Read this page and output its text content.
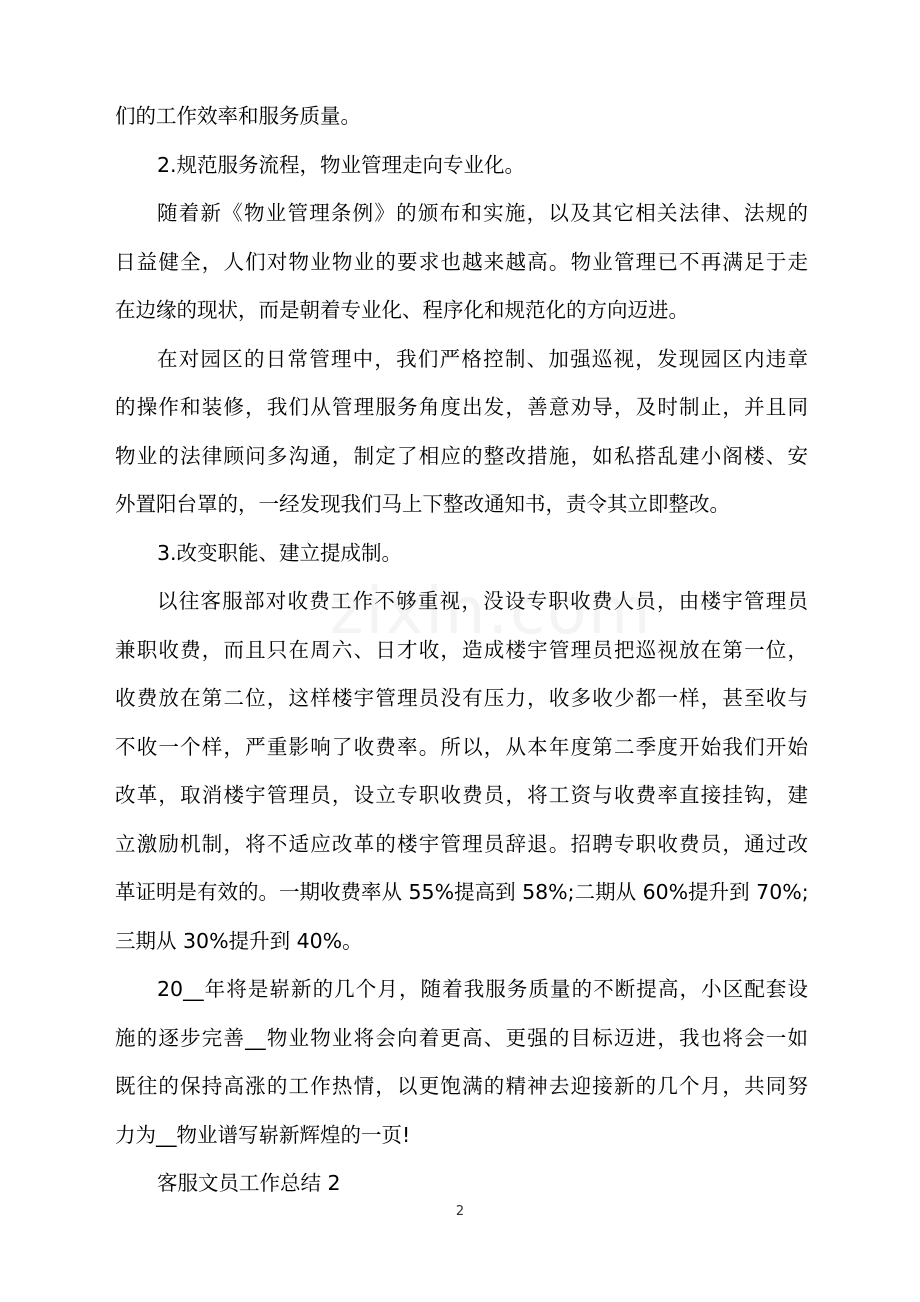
们的工作效率和服务质量。
2.规范服务流程，物业管理走向专业化。
随着新《物业管理条例》的颁布和实施，以及其它相关法律、法规的
日益健全，人们对物业物业的要求也越来越高。物业管理已不再满足于走
在边缘的现状，而是朝着专业化、程序化和规范化的方向迈进。
在对园区的日常管理中，我们严格控制、加强巡视，发现园区内违章
的操作和装修，我们从管理服务角度出发，善意劝导，及时制止，并且同
物业的法律顾问多沟通，制定了相应的整改措施，如私搭乱建小阁楼、安
外置阳台罩的，一经发现我们马上下整改通知书，责令其立即整改。
3.改变职能、建立提成制。
以往客服部对收费工作不够重视，没设专职收费人员，由楼宇管理员
兼职收费，而且只在周六、日才收，造成楼宇管理员把巡视放在第一位，
收费放在第二位，这样楼宇管理员没有压力，收多收少都一样，甚至收与
不收一个样，严重影响了收费率。所以，从本年度第二季度开始我们开始
改革，取消楼宇管理员，设立专职收费员，将工资与收费率直接挂钩，建
立激励机制，将不适应改革的楼宇管理员辞退。招聘专职收费员，通过改
革证明是有效的。一期收费率从 55%提高到 58%;二期从 60%提升到 70%;
三期从 30%提升到 40%。
20__年将是崭新的几个月，随着我服务质量的不断提高，小区配套设
施的逐步完善__物业物业将会向着更高、更强的目标迈进，我也将会一如
既往的保持高涨的工作热情，以更饱满的精神去迎接新的几个月，共同努
力为__物业谱写崭新辉煌的一页!
客服文员工作总结 2
2
